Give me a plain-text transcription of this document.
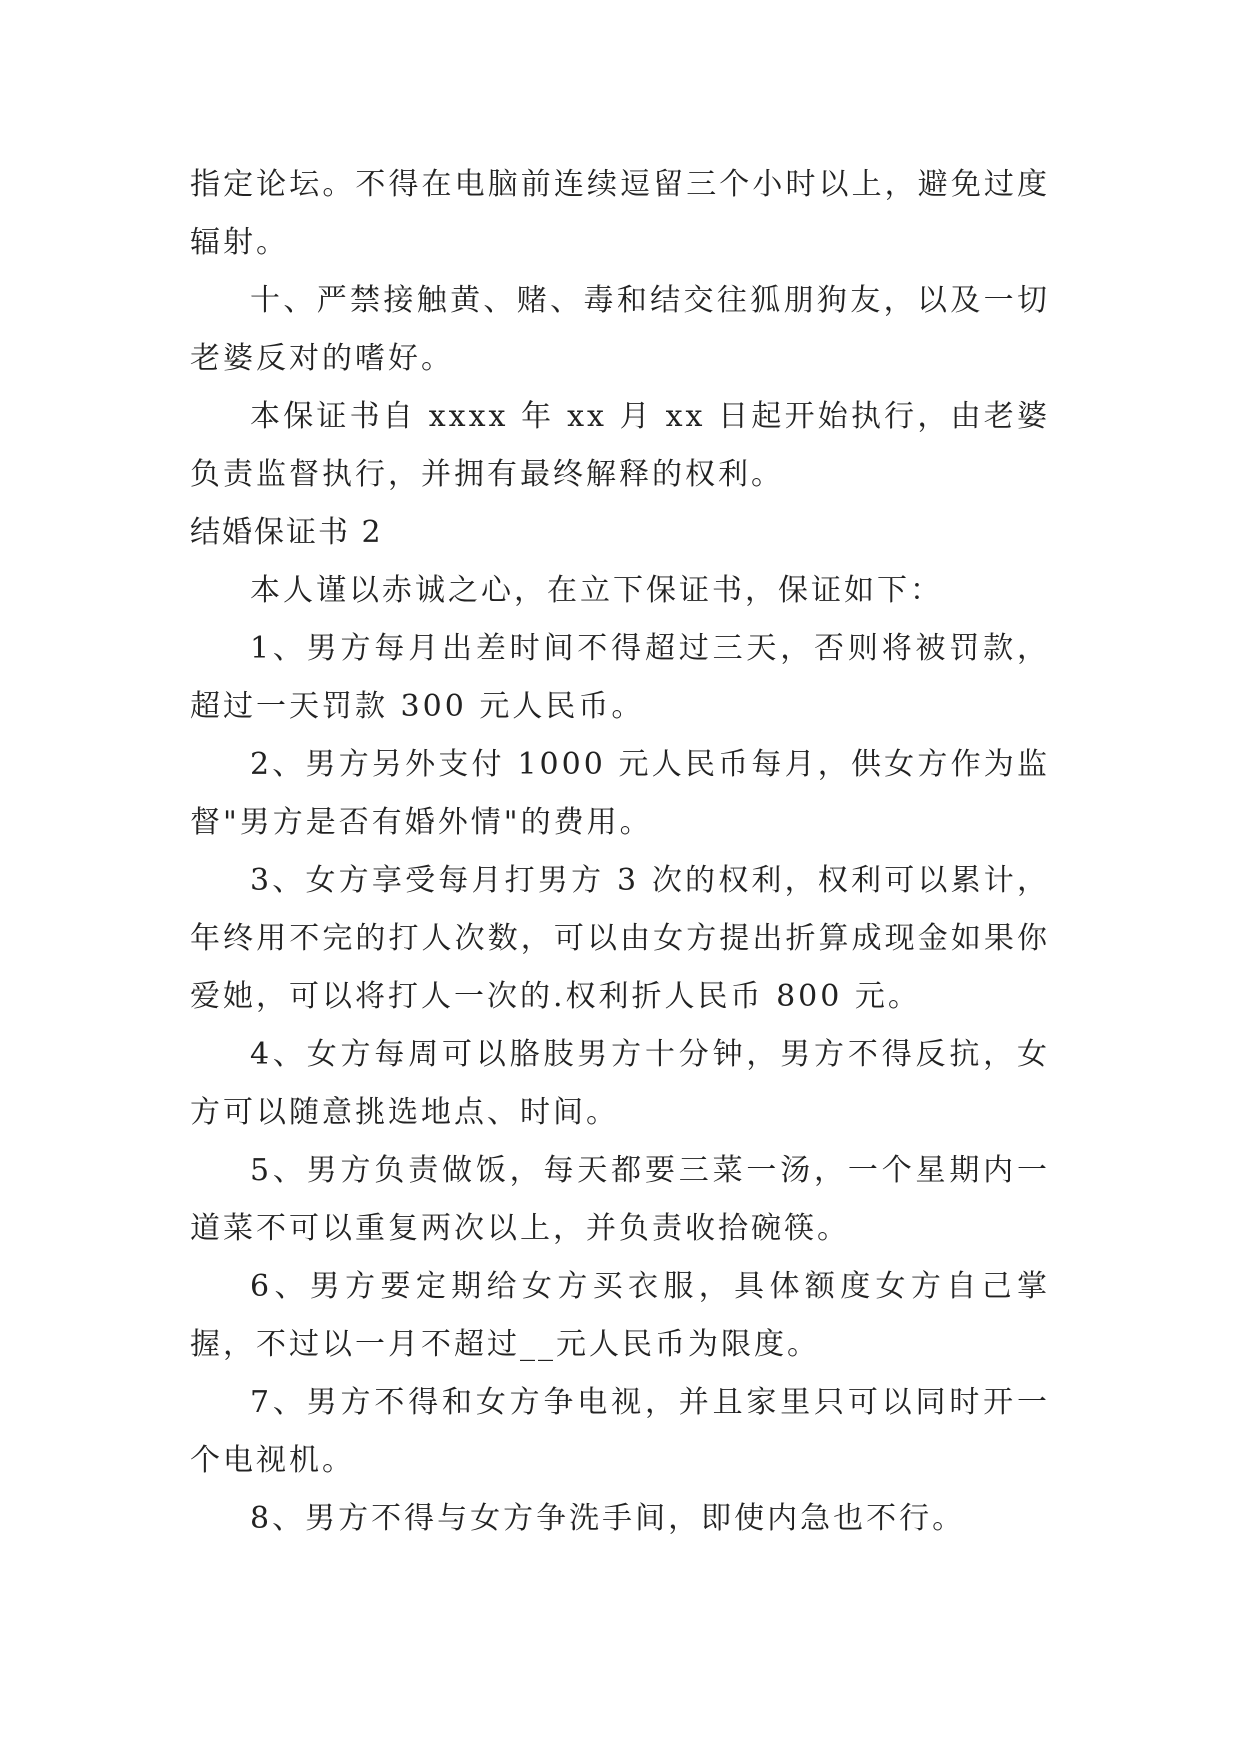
指定论坛。不得在电脑前连续逗留三个小时以上，避免过度辐射。

十、严禁接触黄、赌、毒和结交往狐朋狗友，以及一切老婆反对的嗜好。

本保证书自 xxxx 年 xx 月 xx 日起开始执行，由老婆负责监督执行，并拥有最终解释的权利。

结婚保证书 2

本人谨以赤诚之心，在立下保证书，保证如下：

1、男方每月出差时间不得超过三天，否则将被罚款，超过一天罚款 300 元人民币。

2、男方另外支付 1000 元人民币每月，供女方作为监督"男方是否有婚外情"的费用。

3、女方享受每月打男方 3 次的权利，权利可以累计，年终用不完的打人次数，可以由女方提出折算成现金如果你爱她，可以将打人一次的.权利折人民币 800 元。

4、女方每周可以胳肢男方十分钟，男方不得反抗，女方可以随意挑选地点、时间。

5、男方负责做饭，每天都要三菜一汤，一个星期内一道菜不可以重复两次以上，并负责收拾碗筷。

6、男方要定期给女方买衣服，具体额度女方自己掌握，不过以一月不超过__元人民币为限度。

7、男方不得和女方争电视，并且家里只可以同时开一个电视机。

8、男方不得与女方争洗手间，即使内急也不行。
